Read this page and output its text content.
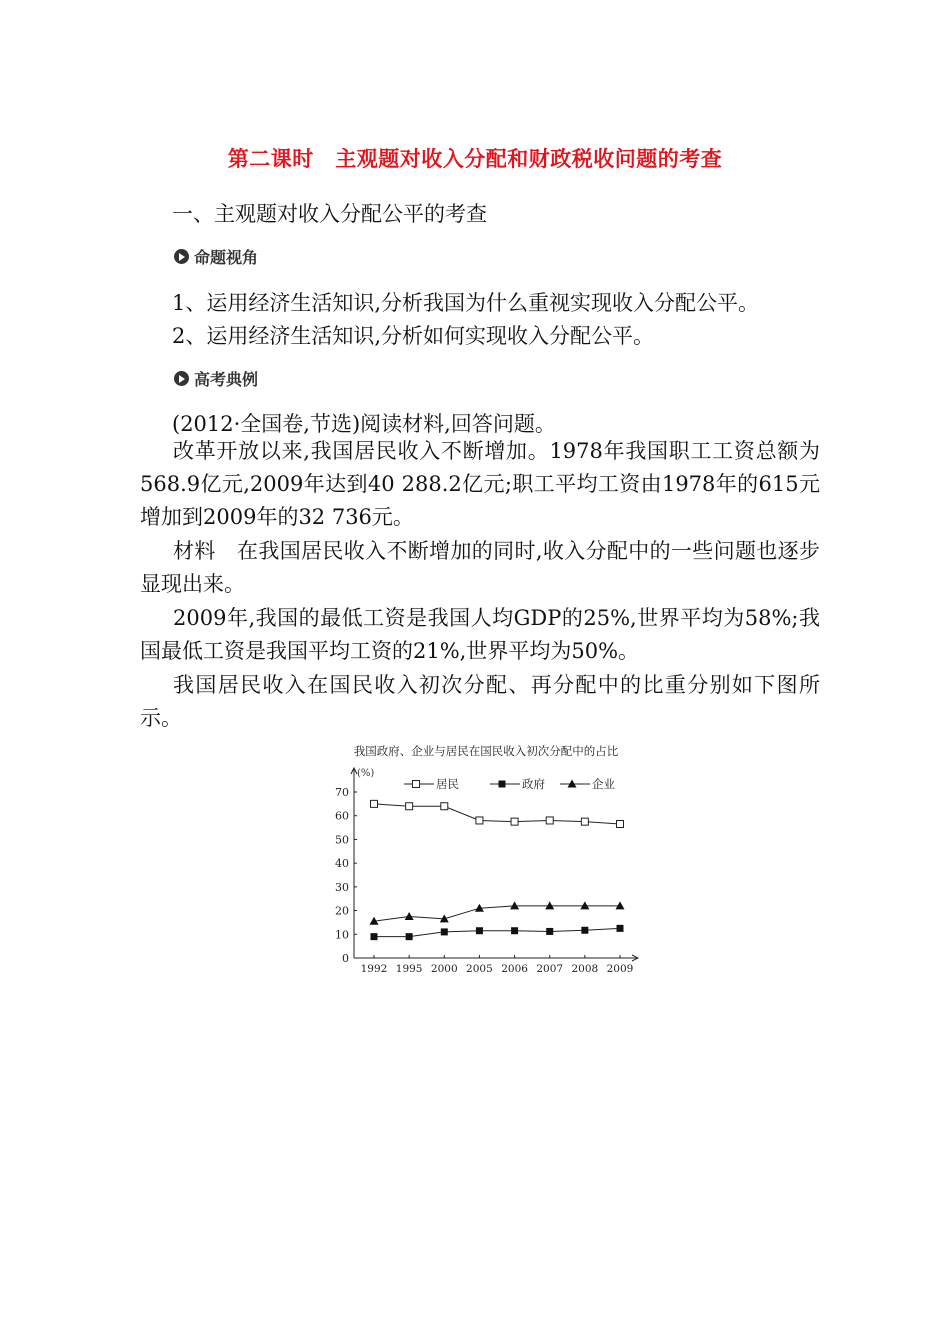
第二课时　主观题对收入分配和财政税收问题的考查
一、主观题对收入分配公平的考查
命题视角
1、运用经济生活知识,分析我国为什么重视实现收入分配公平。
2、运用经济生活知识,分析如何实现收入分配公平。
高考典例
(2012·全国卷,节选)阅读材料,回答问题。
改革开放以来,我国居民收入不断增加。1978年我国职工工资总额为568.9亿元,2009年达到40 288.2亿元;职工平均工资由1978年的615元增加到2009年的32 736元。
材料　在我国居民收入不断增加的同时,收入分配中的一些问题也逐步显现出来。
2009年,我国的最低工资是我国人均GDP的25%,世界平均为58%;我国最低工资是我国平均工资的21%,世界平均为50%。
我国居民收入在国民收入初次分配、再分配中的比重分别如下图所示。
我国政府、企业与居民在国民收入初次分配中的占比
(%)
0
10
20
30
40
50
60
70
1992 1995 2000 2005 2006 2007 2008 2009
居民	政府	企业
